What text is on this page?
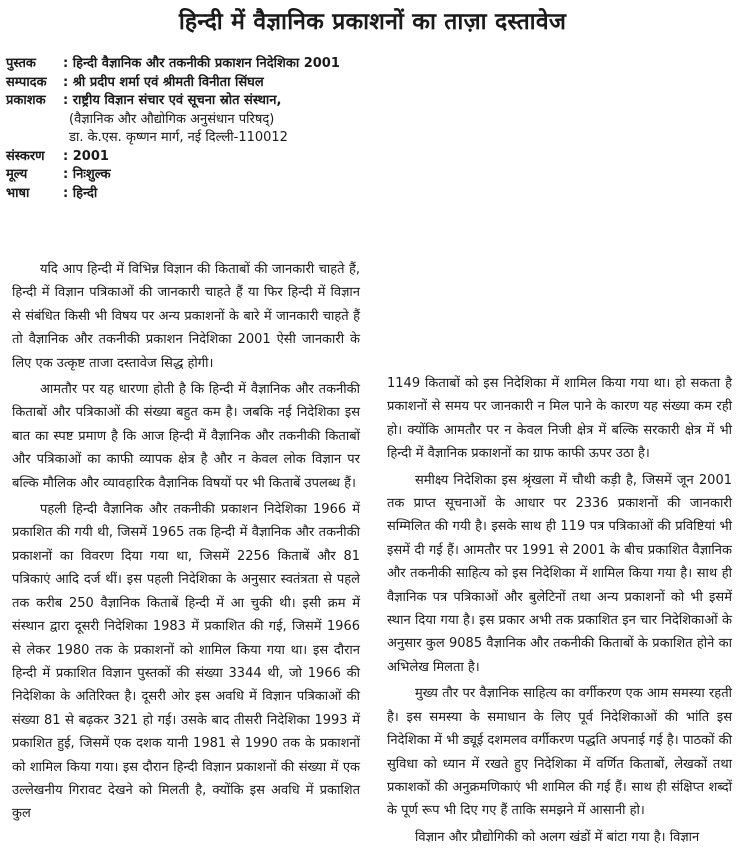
हिन्दी में वैज्ञानिक प्रकाशनों का ताज़ा दस्तावेज
पुस्तक	: हिन्दी वैज्ञानिक और तकनीकी प्रकाशन निदेशिका 2001
सम्पादक	: श्री प्रदीप शर्मा एवं श्रीमती विनीता सिंघल
प्रकाशक	: राष्ट्रीय विज्ञान संचार एवं सूचना स्रोत संस्थान,
(वैज्ञानिक और औद्योगिक अनुसंधान परिषद्)
डा. के.एस. कृष्णन मार्ग, नई दिल्ली-110012
संस्करण	: 2001
मूल्य	: निःशुल्क
भाषा	: हिन्दी

यदि आप हिन्दी में विभिन्न विज्ञान की किताबों की जानकारी चाहते हैं, हिन्दी में विज्ञान पत्रिकाओं की जानकारी चाहते हैं या फिर हिन्दी में विज्ञान से संबंधित किसी भी विषय पर अन्य प्रकाशनों के बारे में जानकारी चाहते हैं तो वैज्ञानिक और तकनीकी प्रकाशन निदेशिका 2001 ऐसी जानकारी के लिए एक उत्कृष्ट ताजा दस्तावेज सिद्ध होगी।

आमतौर पर यह धारणा होती है कि हिन्दी में वैज्ञानिक और तकनीकी किताबों और पत्रिकाओं की संख्या बहुत कम है। जबकि नई निदेशिका इस बात का स्पष्ट प्रमाण है कि आज हिन्दी में वैज्ञानिक और तकनीकी किताबों और पत्रिकाओं का काफी व्यापक क्षेत्र है और न केवल लोक विज्ञान पर बल्कि मौलिक और व्यावहारिक वैज्ञानिक विषयों पर भी किताबें उपलब्ध हैं।

पहली हिन्दी वैज्ञानिक और तकनीकी प्रकाशन निदेशिका 1966 में प्रकाशित की गयी थी, जिसमें 1965 तक हिन्दी में वैज्ञानिक और तकनीकी प्रकाशनों का विवरण दिया गया था, जिसमें 2256 किताबें और 81 पत्रिकाएं आदि दर्ज थीं। इस पहली निदेशिका के अनुसार स्वतंत्रता से पहले तक करीब 250 वैज्ञानिक किताबें हिन्दी में आ चुकी थी। इसी क्रम में संस्थान द्वारा दूसरी निदेशिका 1983 में प्रकाशित की गई, जिसमें 1966 से लेकर 1980 तक के प्रकाशनों को शामिल किया गया था। इस दौरान हिन्दी में प्रकाशित विज्ञान पुस्तकों की संख्या 3344 थी, जो 1966 की निदेशिका के अतिरिक्त है। दूसरी ओर इस अवधि में विज्ञान पत्रिकाओं की संख्या 81 से बढ़कर 321 हो गई। उसके बाद तीसरी निदेशिका 1993 में प्रकाशित हुई, जिसमें एक दशक यानी 1981 से 1990 तक के प्रकाशनों को शामिल किया गया। इस दौरान हिन्दी विज्ञान प्रकाशनों की संख्या में एक उल्लेखनीय गिरावट देखने को मिलती है, क्योंकि इस अवधि में प्रकाशित कुल

1149 किताबों को इस निदेशिका में शामिल किया गया था। हो सकता है प्रकाशनों से समय पर जानकारी न मिल पाने के कारण यह संख्या कम रही हो। क्योंकि आमतौर पर न केवल निजी क्षेत्र में बल्कि सरकारी क्षेत्र में भी हिन्दी में वैज्ञानिक प्रकाशनों का ग्राफ काफी ऊपर उठा है।

समीक्ष्य निदेशिका इस श्रृंखला में चौथी कड़ी है, जिसमें जून 2001 तक प्राप्त सूचनाओं के आधार पर 2336 प्रकाशनों की जानकारी सम्मिलित की गयी है। इसके साथ ही 119 पत्र पत्रिकाओं की प्रविष्टियां भी इसमें दी गई हैं। आमतौर पर 1991 से 2001 के बीच प्रकाशित वैज्ञानिक और तकनीकी साहित्य को इस निदेशिका में शामिल किया गया है। साथ ही वैज्ञानिक पत्र पत्रिकाओं और बुलेटिनों तथा अन्य प्रकाशनों को भी इसमें स्थान दिया गया है। इस प्रकार अभी तक प्रकाशित इन चार निदेशिकाओं के अनुसार कुल 9085 वैज्ञानिक और तकनीकी किताबों के प्रकाशित होने का अभिलेख मिलता है।

मुख्य तौर पर वैज्ञानिक साहित्य का वर्गीकरण एक आम समस्या रहती है। इस समस्या के समाधान के लिए पूर्व निदेशिकाओं की भांति इस निदेशिका में भी ड्यूई दशमलव वर्गीकरण पद्धति अपनाई गई है। पाठकों की सुविधा को ध्यान में रखते हुए निदेशिका में वर्णित किताबों, लेखकों तथा प्रकाशकों की अनुक्रमणिकाएं भी शामिल की गई हैं। साथ ही संक्षिप्त शब्दों के पूर्ण रूप भी दिए गए हैं ताकि समझने में आसानी हो।

विज्ञान और प्रौद्योगिकी को अलग खंडों में बांटा गया है। विज्ञान
